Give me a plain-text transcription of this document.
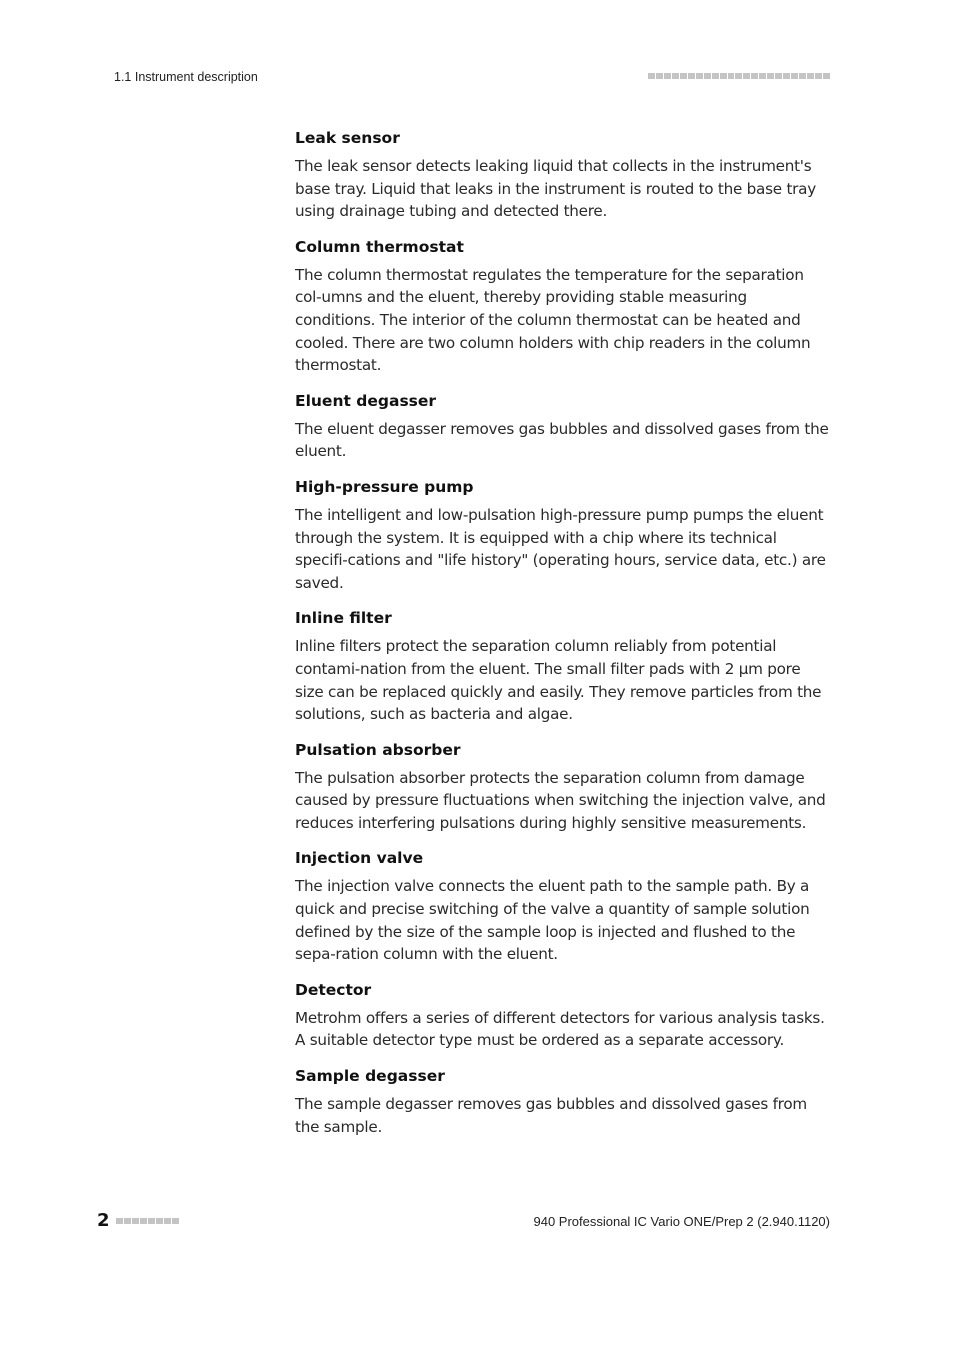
1.1 Instrument description
Leak sensor
The leak sensor detects leaking liquid that collects in the instrument's base tray. Liquid that leaks in the instrument is routed to the base tray using drainage tubing and detected there.
Column thermostat
The column thermostat regulates the temperature for the separation col-umns and the eluent, thereby providing stable measuring conditions. The interior of the column thermostat can be heated and cooled. There are two column holders with chip readers in the column thermostat.
Eluent degasser
The eluent degasser removes gas bubbles and dissolved gases from the eluent.
High-pressure pump
The intelligent and low-pulsation high-pressure pump pumps the eluent through the system. It is equipped with a chip where its technical specifi-cations and "life history" (operating hours, service data, etc.) are saved.
Inline filter
Inline filters protect the separation column reliably from potential contami-nation from the eluent. The small filter pads with 2 µm pore size can be replaced quickly and easily. They remove particles from the solutions, such as bacteria and algae.
Pulsation absorber
The pulsation absorber protects the separation column from damage caused by pressure fluctuations when switching the injection valve, and reduces interfering pulsations during highly sensitive measurements.
Injection valve
The injection valve connects the eluent path to the sample path. By a quick and precise switching of the valve a quantity of sample solution defined by the size of the sample loop is injected and flushed to the sepa-ration column with the eluent.
Detector
Metrohm offers a series of different detectors for various analysis tasks. A suitable detector type must be ordered as a separate accessory.
Sample degasser
The sample degasser removes gas bubbles and dissolved gases from the sample.
2	940 Professional IC Vario ONE/Prep 2 (2.940.1120)
